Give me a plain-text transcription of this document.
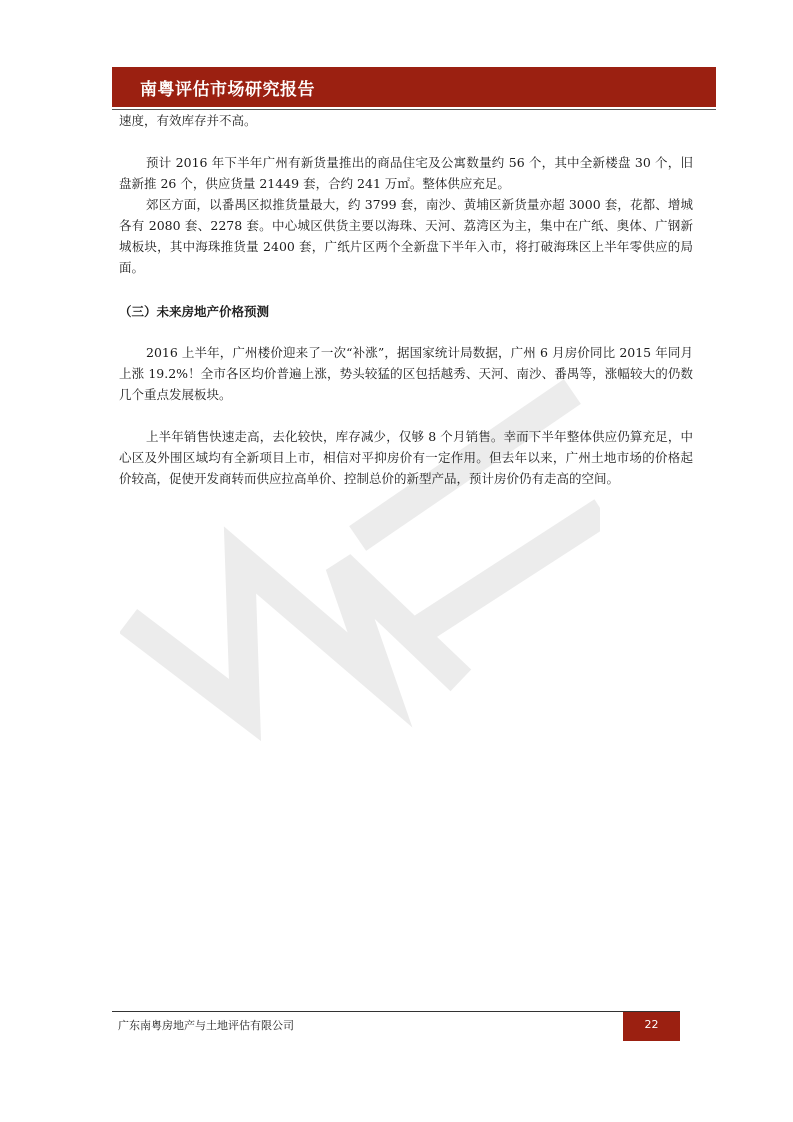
南粤评估市场研究报告

速度，有效库存并不高。

预计 2016 年下半年广州有新货量推出的商品住宅及公寓数量约 56 个，其中全新楼盘 30 个，旧盘新推 26 个，供应货量 21449 套，合约 241 万㎡。整体供应充足。

郊区方面，以番禺区拟推货量最大，约 3799 套，南沙、黄埔区新货量亦超 3000 套，花都、增城各有 2080 套、2278 套。中心城区供货主要以海珠、天河、荔湾区为主，集中在广纸、奥体、广钢新城板块，其中海珠推货量 2400 套，广纸片区两个全新盘下半年入市，将打破海珠区上半年零供应的局面。

（三）未来房地产价格预测

2016 上半年，广州楼价迎来了一次“补涨”，据国家统计局数据，广州 6 月房价同比 2015 年同月上涨 19.2%！全市各区均价普遍上涨，势头较猛的区包括越秀、天河、南沙、番禺等，涨幅较大的仍数几个重点发展板块。

上半年销售快速走高，去化较快，库存减少，仅够 8 个月销售。幸而下半年整体供应仍算充足，中心区及外围区域均有全新项目上市，相信对平抑房价有一定作用。但去年以来，广州土地市场的价格起价较高，促使开发商转而供应拉高单价、控制总价的新型产品，预计房价仍有走高的空间。

广东南粤房地产与土地评估有限公司	22
